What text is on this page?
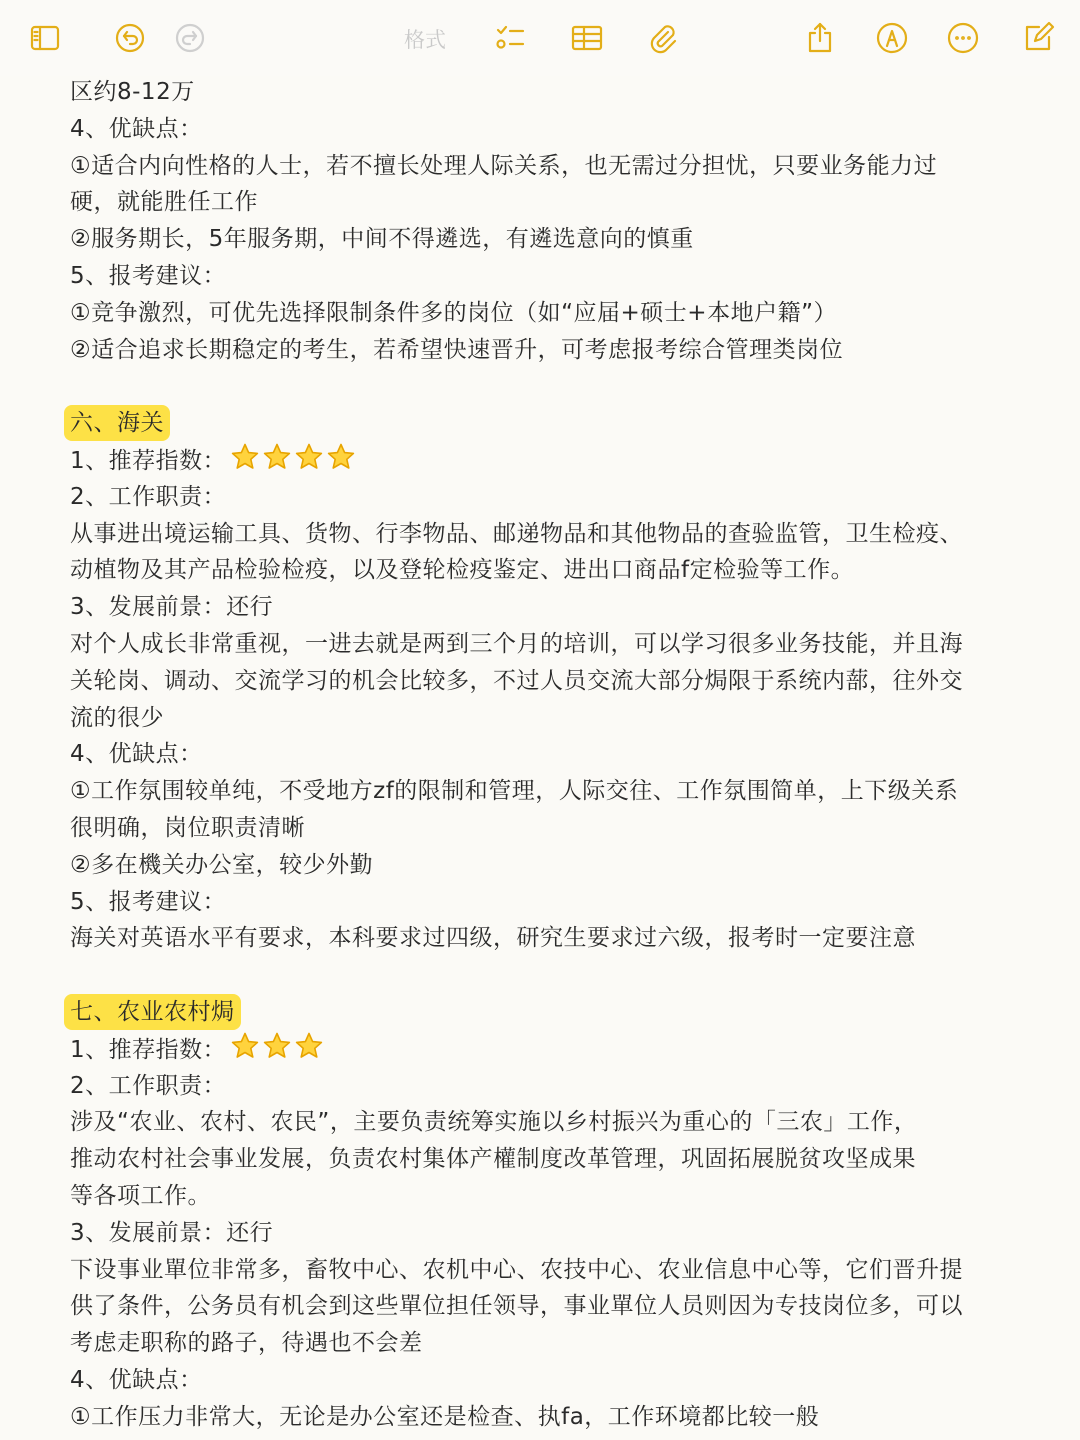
区约8-12万
4、优缺点：
①适合内向性格的人士，若不擅长处理人际关系，也无需过分担忧，只要业务能力过
硬，就能胜任工作
②服务期长，5年服务期，中间不得遴选，有遴选意向的慎重
5、报考建议：
①竞争激烈，可优先选择限制条件多的岗位（如“应届+硕士+本地户籍”）
②适合追求长期稳定的考生，若希望快速晋升，可考虑报考综合管理类岗位
六、海关
1、推荐指数：
2、工作职责：
从事进出境运输工具、货物、行李物品、邮递物品和其他物品的查验监管，卫生检疫、
动植物及其产品检验检疫，以及登轮检疫鉴定、进出口商品f定检验等工作。
3、发展前景：还行
对个人成长非常重视，一进去就是两到三个月的培训，可以学习很多业务技能，并且海
关轮岗、调动、交流学习的机会比较多，不过人员交流大部分焗限于系统内蔀，往外交
流的很少
4、优缺点：
①工作氛围较单纯，不受地方zf的限制和管理，人际交往、工作氛围简单，上下级关系
很明确，岗位职责清晰
②多在機关办公室，较少外勤
5、报考建议：
海关对英语水平有要求，本科要求过四级，研究生要求过六级，报考时一定要注意
七、农业农村焗
1、推荐指数：
2、工作职责：
涉及“农业、农村、农民”，主要负责统筹实施以乡村振兴为重心的「三农」工作，
推动农村社会事业发展，负责农村集体产權制度改革管理，巩固拓展脱贫攻坚成果
等各项工作。
3、发展前景：还行
下设事业單位非常多，畜牧中心、农机中心、农技中心、农业信息中心等，它们晋升提
供了条件，公务员有机会到这些單位担任领导，事业單位人员则因为专技岗位多，可以
考虑走职称的路子，待遇也不会差
4、优缺点：
①工作压力非常大，无论是办公室还是检查、执fa，工作环境都比较一般
格式
